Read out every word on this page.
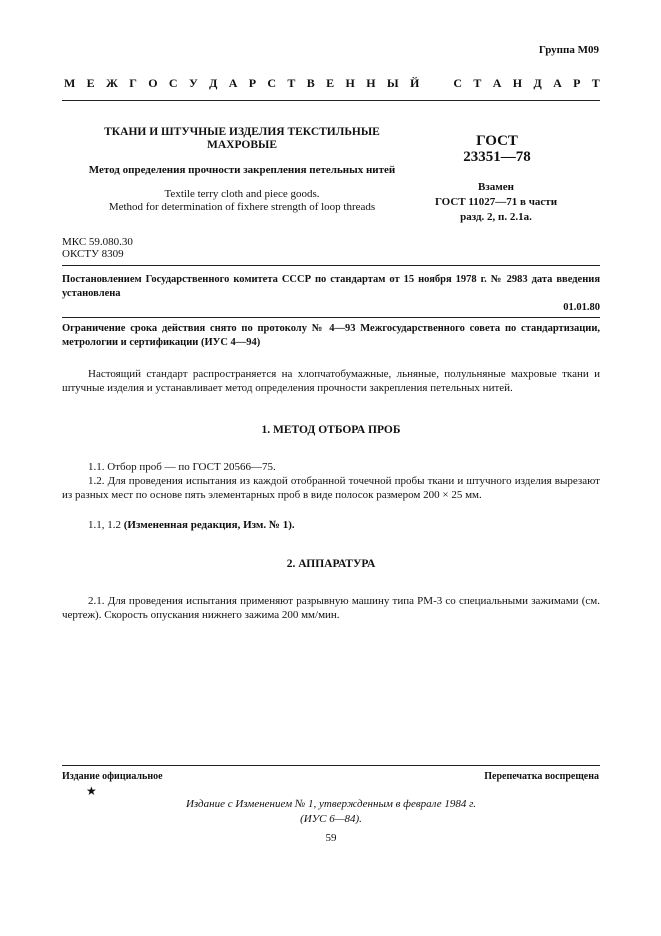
Группа М09
М Е Ж Г О С У Д А Р С Т В Е Н Н Ы Й	С Т А Н Д А Р Т
ТКАНИ И ШТУЧНЫЕ ИЗДЕЛИЯ ТЕКСТИЛЬНЫЕ
МАХРОВЫЕ
Метод определения прочности закрепления петельных нитей
Textile terry cloth and piece goods.
Method for determination of fixhere strength of loop threads
ГОСТ
23351—78
Взамен
ГОСТ 11027—71 в части
разд. 2, п. 2.1а.
МКС 59.080.30
ОКСТУ 8309
Постановлением Государственного комитета СССР по стандартам от 15 ноября 1978 г. № 2983 дата введения установлена
01.01.80
Ограничение срока действия снято по протоколу № 4—93 Межгосударственного совета по стандартизации, метрологии и сертификации (ИУС 4—94)
Настоящий стандарт распространяется на хлопчатобумажные, льняные, полульняные махровые ткани и штучные изделия и устанавливает метод определения прочности закрепления петельных нитей.
1. МЕТОД ОТБОРА ПРОБ
1.1. Отбор проб — по ГОСТ 20566—75.
1.2. Для проведения испытания из каждой отобранной точечной пробы ткани и штучного изделия вырезают из разных мест по основе пять элементарных проб в виде полосок размером 200 × 25 мм.
1.1, 1.2 (Измененная редакция, Изм. № 1).
2. АППАРАТУРА
2.1. Для проведения испытания применяют разрывную машину типа РМ-3 со специальными зажимами (см. чертеж). Скорость опускания нижнего зажима 200 мм/мин.
Издание официальное	Перепечатка воспрещена
★
Издание с Изменением № 1, утвержденным в феврале 1984 г.
(ИУС 6—84).
59
